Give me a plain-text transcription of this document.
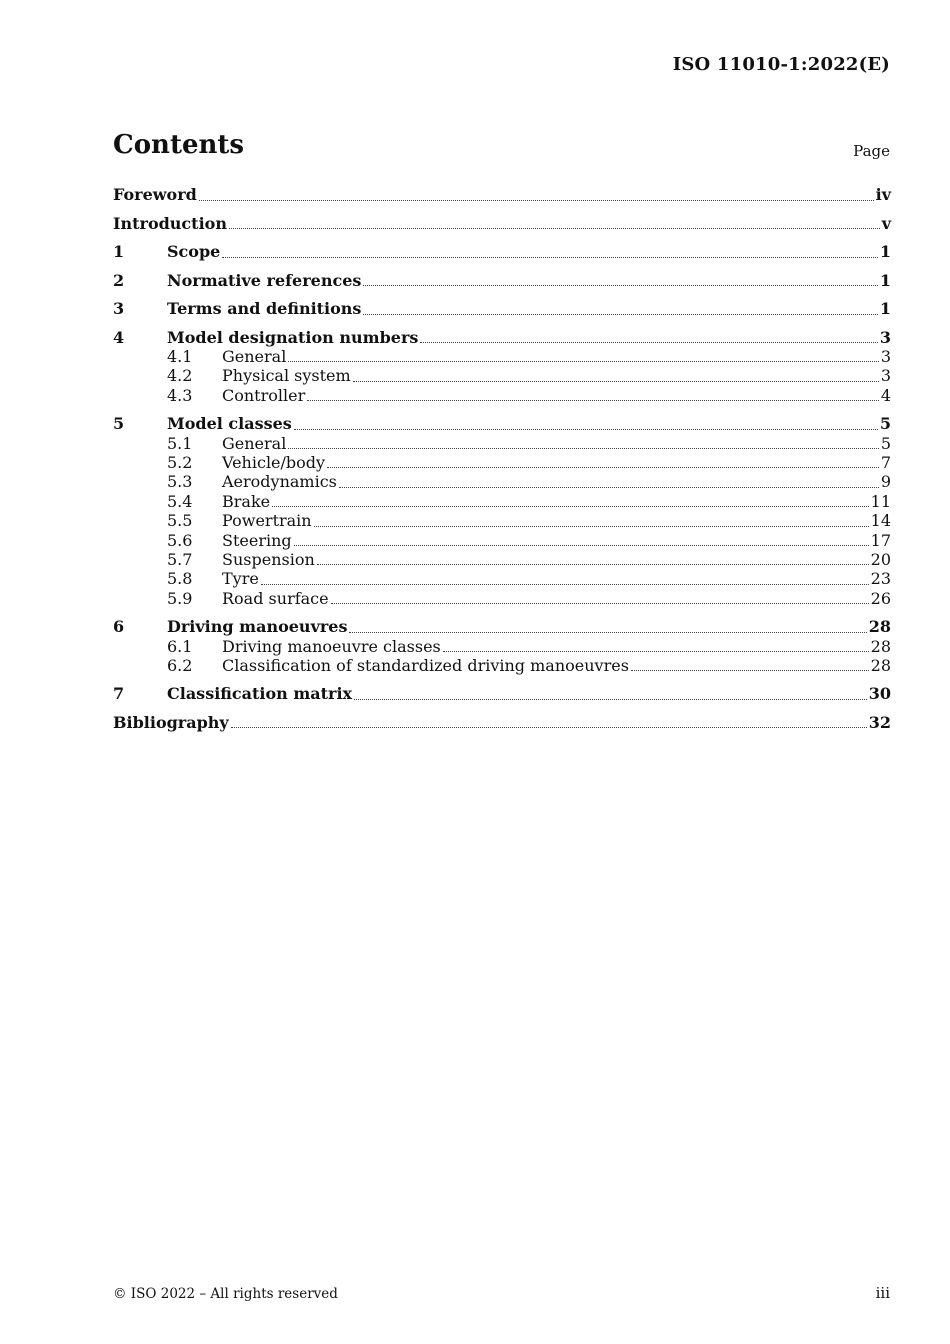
ISO 11010-1:2022(E)
Contents	Page
Foreword	iv
Introduction	v
1	Scope	1
2	Normative references	1
3	Terms and definitions	1
4	Model designation numbers	3
4.1	General	3
4.2	Physical system	3
4.3	Controller	4
5	Model classes	5
5.1	General	5
5.2	Vehicle/body	7
5.3	Aerodynamics	9
5.4	Brake	11
5.5	Powertrain	14
5.6	Steering	17
5.7	Suspension	20
5.8	Tyre	23
5.9	Road surface	26
6	Driving manoeuvres	28
6.1	Driving manoeuvre classes	28
6.2	Classification of standardized driving manoeuvres	28
7	Classification matrix	30
Bibliography	32
© ISO 2022 – All rights reserved	iii
